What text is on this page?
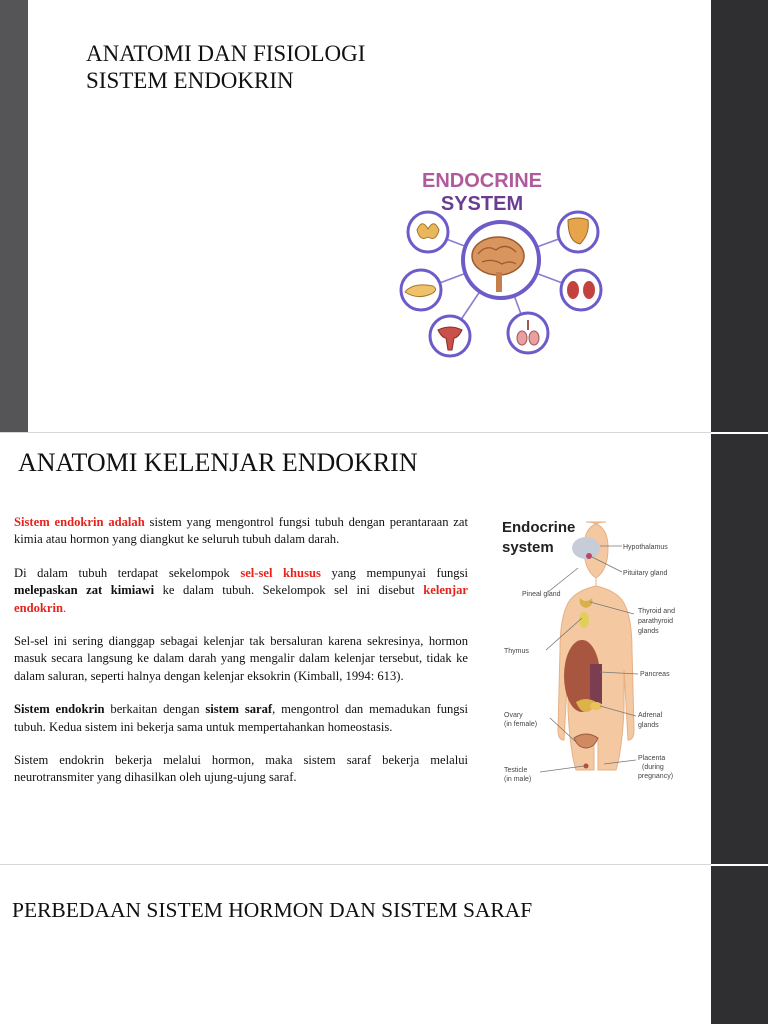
ANATOMI DAN FISIOLOGI
SISTEM ENDOKRIN
ENDOCRINE
SYSTEM
ANATOMI KELENJAR ENDOKRIN

Sistem endokrin adalah sistem yang mengontrol fungsi tubuh dengan perantaraan zat kimia atau hormon yang diangkut ke seluruh tubuh dalam darah.

Di dalam tubuh terdapat sekelompok sel-sel khusus yang mempunyai fungsi melepaskan zat kimiawi ke dalam tubuh. Sekelompok sel ini disebut kelenjar endokrin.

Sel-sel ini sering dianggap sebagai kelenjar tak bersaluran karena sekresinya, hormon masuk secara langsung ke dalam darah yang mengalir dalam kelenjar tersebut, tidak ke dalam saluran, seperti halnya dengan kelenjar eksokrin (Kimball, 1994: 613).

Sistem endokrin berkaitan dengan sistem saraf, mengontrol dan memadukan fungsi tubuh. Kedua sistem ini bekerja sama untuk mempertahankan homeostasis.

Sistem endokrin bekerja melalui hormon, maka sistem saraf bekerja melalui neurotransmiter yang dihasilkan oleh ujung-ujung saraf.

Endocrine
system	Hypothalamus
Pituitary gland
Pineal gland
Thyroid and
parathyroid
glands
Thymus
Pancreas
Ovary
(in female)
Adrenal
glands
Placenta
(during
pregnancy)
Testicle
(in male)
PERBEDAAN SISTEM HORMON DAN SISTEM SARAF
